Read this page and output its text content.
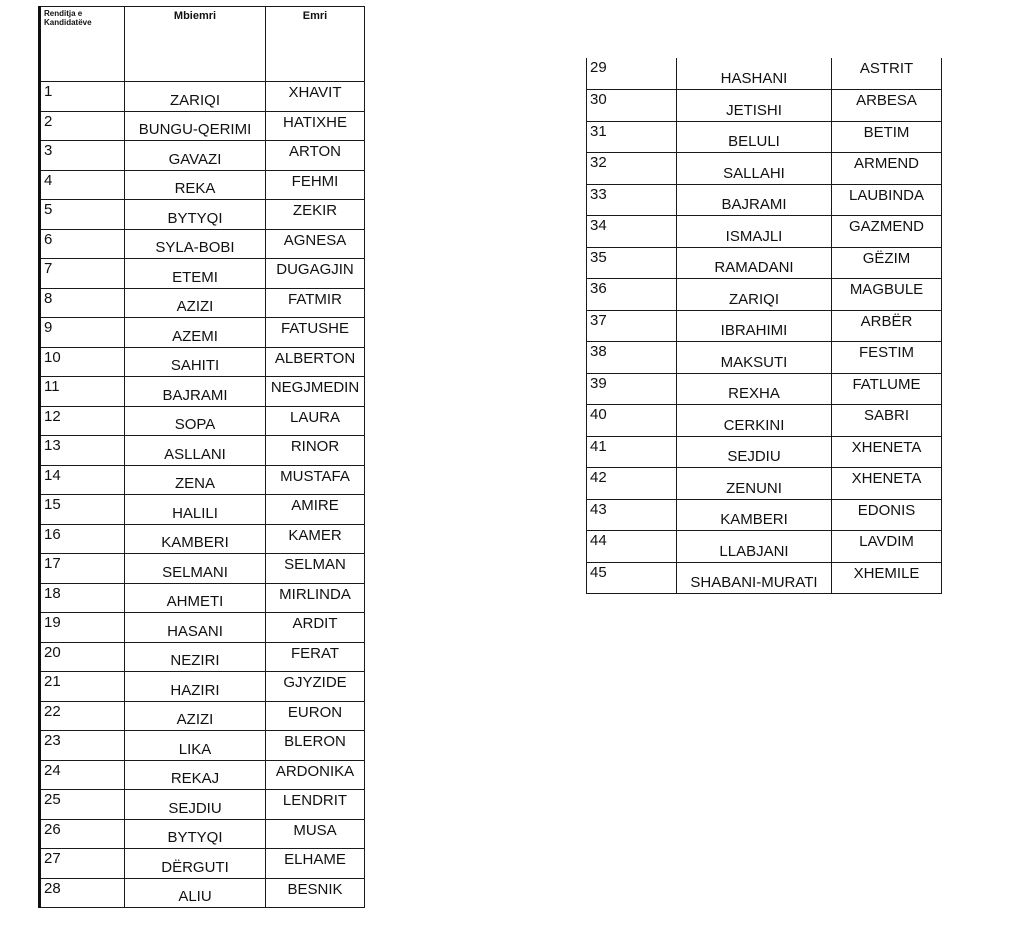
Renditja e Kandidatëve	Mbiemri	Emri
1	ZARIQI	XHAVIT
2	BUNGU-QERIMI	HATIXHE
3	GAVAZI	ARTON
4	REKA	FEHMI
5	BYTYQI	ZEKIR
6	SYLA-BOBI	AGNESA
7	ETEMI	DUGAGJIN
8	AZIZI	FATMIR
9	AZEMI	FATUSHE
10	SAHITI	ALBERTON
11	BAJRAMI	NEGJMEDIN
12	SOPA	LAURA
13	ASLLANI	RINOR
14	ZENA	MUSTAFA
15	HALILI	AMIRE
16	KAMBERI	KAMER
17	SELMANI	SELMAN
18	AHMETI	MIRLINDA
19	HASANI	ARDIT
20	NEZIRI	FERAT
21	HAZIRI	GJYZIDE
22	AZIZI	EURON
23	LIKA	BLERON
24	REKAJ	ARDONIKA
25	SEJDIU	LENDRIT
26	BYTYQI	MUSA
27	DËRGUTI	ELHAME
28	ALIU	BESNIK
29	HASHANI	ASTRIT
30	JETISHI	ARBESA
31	BELULI	BETIM
32	SALLAHI	ARMEND
33	BAJRAMI	LAUBINDA
34	ISMAJLI	GAZMEND
35	RAMADANI	GËZIM
36	ZARIQI	MAGBULE
37	IBRAHIMI	ARBËR
38	MAKSUTI	FESTIM
39	REXHA	FATLUME
40	CERKINI	SABRI
41	SEJDIU	XHENETA
42	ZENUNI	XHENETA
43	KAMBERI	EDONIS
44	LLABJANI	LAVDIM
45	SHABANI-MURATI	XHEMILE
